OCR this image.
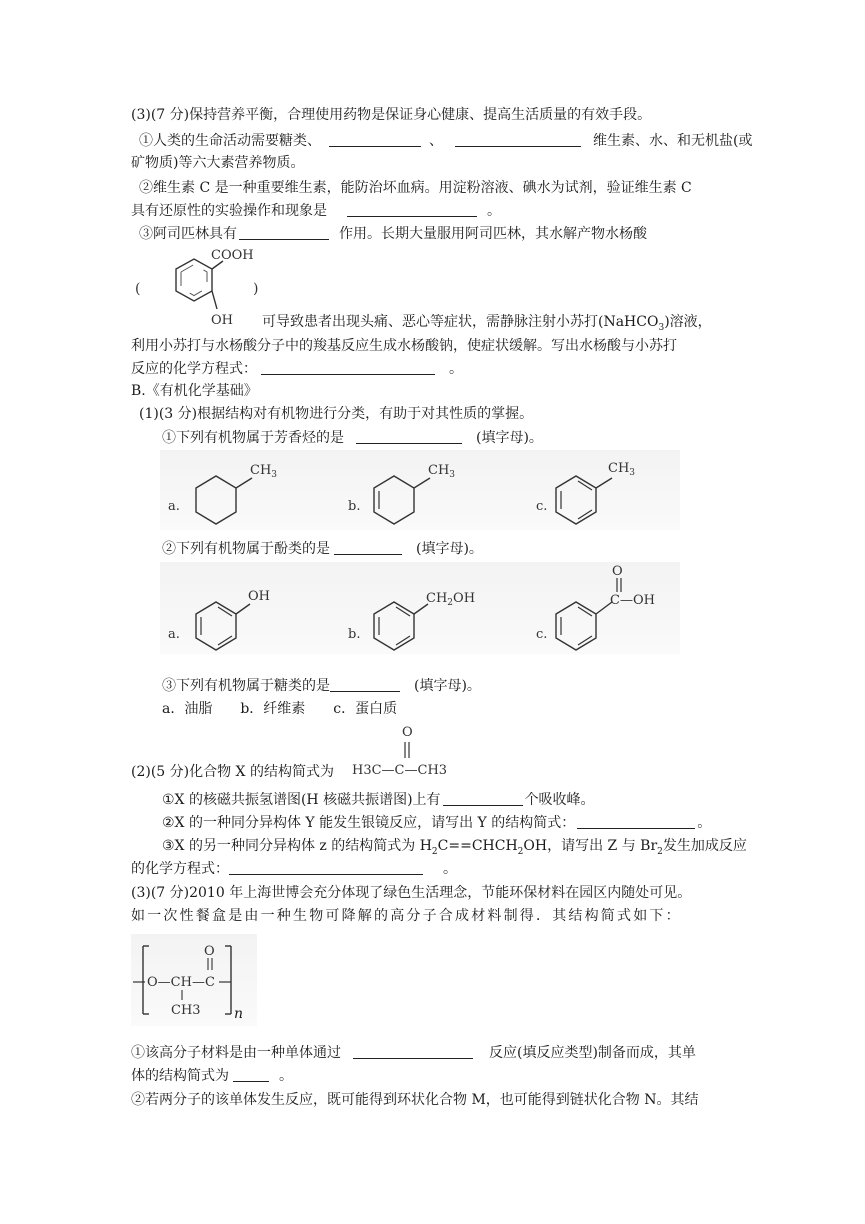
(3)(7 分)保持营养平衡，合理使用药物是保证身心健康、提高生活质量的有效手段。
①人类的生命活动需要糖类、	、	维生素、水、和无机盐(或
矿物质)等六大素营养物质。
②维生素 C 是一种重要维生素，能防治坏血病。用淀粉溶液、碘水为试剂，验证维生素 C
具有还原性的实验操作和现象是	。
③阿司匹林具有	作用。长期大量服用阿司匹林，其水解产物水杨酸
(
COOH
OH
)
可导致患者出现头痛、恶心等症状，需静脉注射小苏打(NaHCO$_3$)溶液，
利用小苏打与水杨酸分子中的羧基反应生成水杨酸钠，使症状缓解。写出水杨酸与小苏打
反应的化学方程式：	。
B.《有机化学基础》
(1)(3 分)根据结构对有机物进行分类，有助于对其性质的掌握。
①下列有机物属于芳香烃的是	(填字母)。
a.
$CH_3$
b.
$CH_3$
c.
$CH_3$
②下列有机物属于酚类的是	(填字母)。
a.
OH
b.
$CH_2OH$
c.
C—OH
O
③下列有机物属于糖类的是	(填字母)。
a．油脂　　b．纤维素　　c．蛋白质
(2)(5 分)化合物 X 的结构简式为
O
H3C—C—CH3
①X 的核磁共振氢谱图(H 核磁共振谱图)上有	个吸收峰。
②X 的一种同分异构体 Y 能发生银镜反应，请写出 Y 的结构简式：	。
③X 的另一种同分异构体 z 的结构简式为 $H_2C==CHCH_2OH$，请写出 Z 与 $Br_2$发生加成反应
的化学方程式：	。
(3)(7 分)2010 年上海世博会充分体现了绿色生活理念，节能环保材料在园区内随处可见。
如一次性餐盒是由一种生物可降解的高分子合成材料制得．其结构简式如下：
O—CH—C
O
CH3 n
①该高分子材料是由一种单体通过	反应(填反应类型)制备而成，其单
体的结构简式为	。
②若两分子的该单体发生反应，既可能得到环状化合物 M，也可能得到链状化合物 N。其结
